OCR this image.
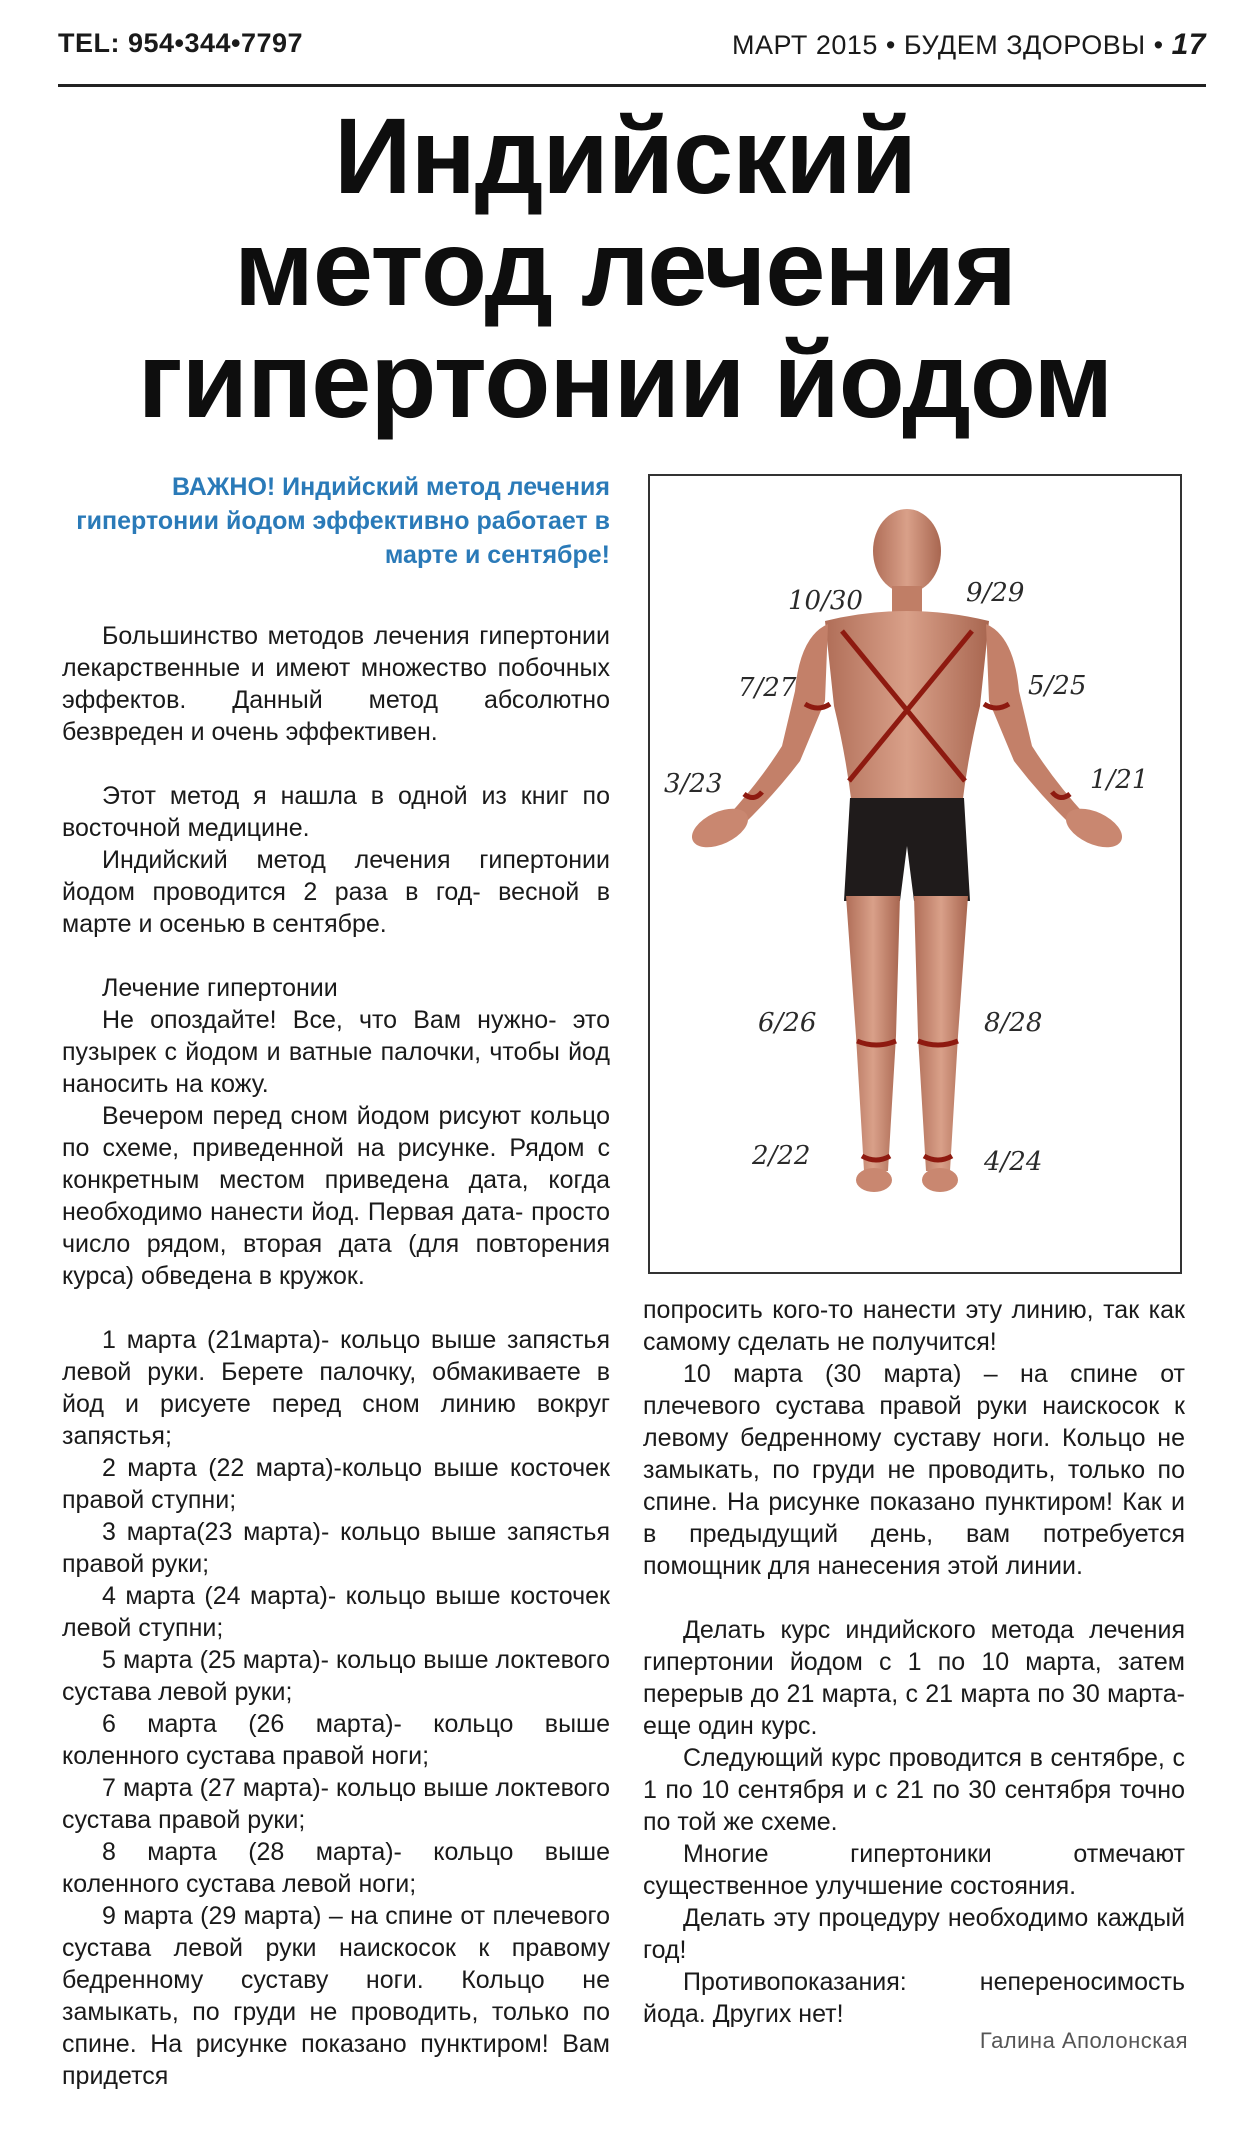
TEL: 954•344•7797	МАРТ 2015 • БУДЕМ ЗДОРОВЫ • 17
Индийский
метод лечения
гипертонии йодом

ВАЖНО! Индийский метод лечения гипертонии йодом эффективно работает в марте и сентябре!

Большинство методов лечения гипертонии лекарственные и имеют множество побочных эффектов. Данный метод абсолютно безвреден и очень эффективен.

Этот метод я нашла в одной из книг по восточной медицине.

Индийский метод лечения гипертонии йодом проводится 2 раза в год- весной в марте и осенью в сентябре.

Лечение гипертонии

Не опоздайте! Все, что Вам нужно- это пузырек с йодом и ватные палочки, чтобы йод наносить на кожу.

Вечером перед сном йодом рисуют кольцо по схеме, приведенной на рисунке. Рядом с конкретным местом приведена дата, когда необходимо нанести йод. Первая дата- просто число рядом, вторая дата (для повторения курса) обведена в кружок.

1 марта (21марта)- кольцо выше запястья левой руки. Берете палочку, обмакиваете в йод и рисуете перед сном линию вокруг запястья;

2 марта (22 марта)-кольцо выше косточек правой ступни;

3 марта(23 марта)- кольцо выше запястья правой руки;

4 марта (24 марта)- кольцо выше косточек левой ступни;

5 марта (25 марта)- кольцо выше локтевого сустава левой руки;

6 марта (26 марта)- кольцо выше коленного сустава правой ноги;

7 марта (27 марта)- кольцо выше локтевого сустава правой руки;

8 марта (28 марта)- кольцо выше коленного сустава левой ноги;

9 марта (29 марта) – на спине от плечевого сустава левой руки наискосок к правому бедренному суставу ноги. Кольцо не замыкать, по груди не проводить, только по спине. На рисунке показано пунктиром! Вам придется

10/30	9/29
7/27	5/25
3/23	1/21
6/26	8/28
2/22	4/24

попросить кого-то нанести эту линию, так как самому сделать не получится!

10 марта (30 марта) – на спине от плечевого сустава правой руки наискосок к левому бедренному суставу ноги. Кольцо не замыкать, по груди не проводить, только по спине. На рисунке показано пунктиром! Как и в предыдущий день, вам потребуется помощник для нанесения этой линии.

Делать курс индийского метода лечения гипертонии йодом с 1 по 10 марта, затем перерыв до 21 марта, с 21 марта по 30 марта- еще один курс.

Следующий курс проводится в сентябре, с 1 по 10 сентября и с 21 по 30 сентября точно по той же схеме.

Многие гипертоники отмечают существенное улучшение состояния.

Делать эту процедуру необходимо каждый год!

Противопоказания:	непереносимость

йода. Других нет!

Галина Аполонская
